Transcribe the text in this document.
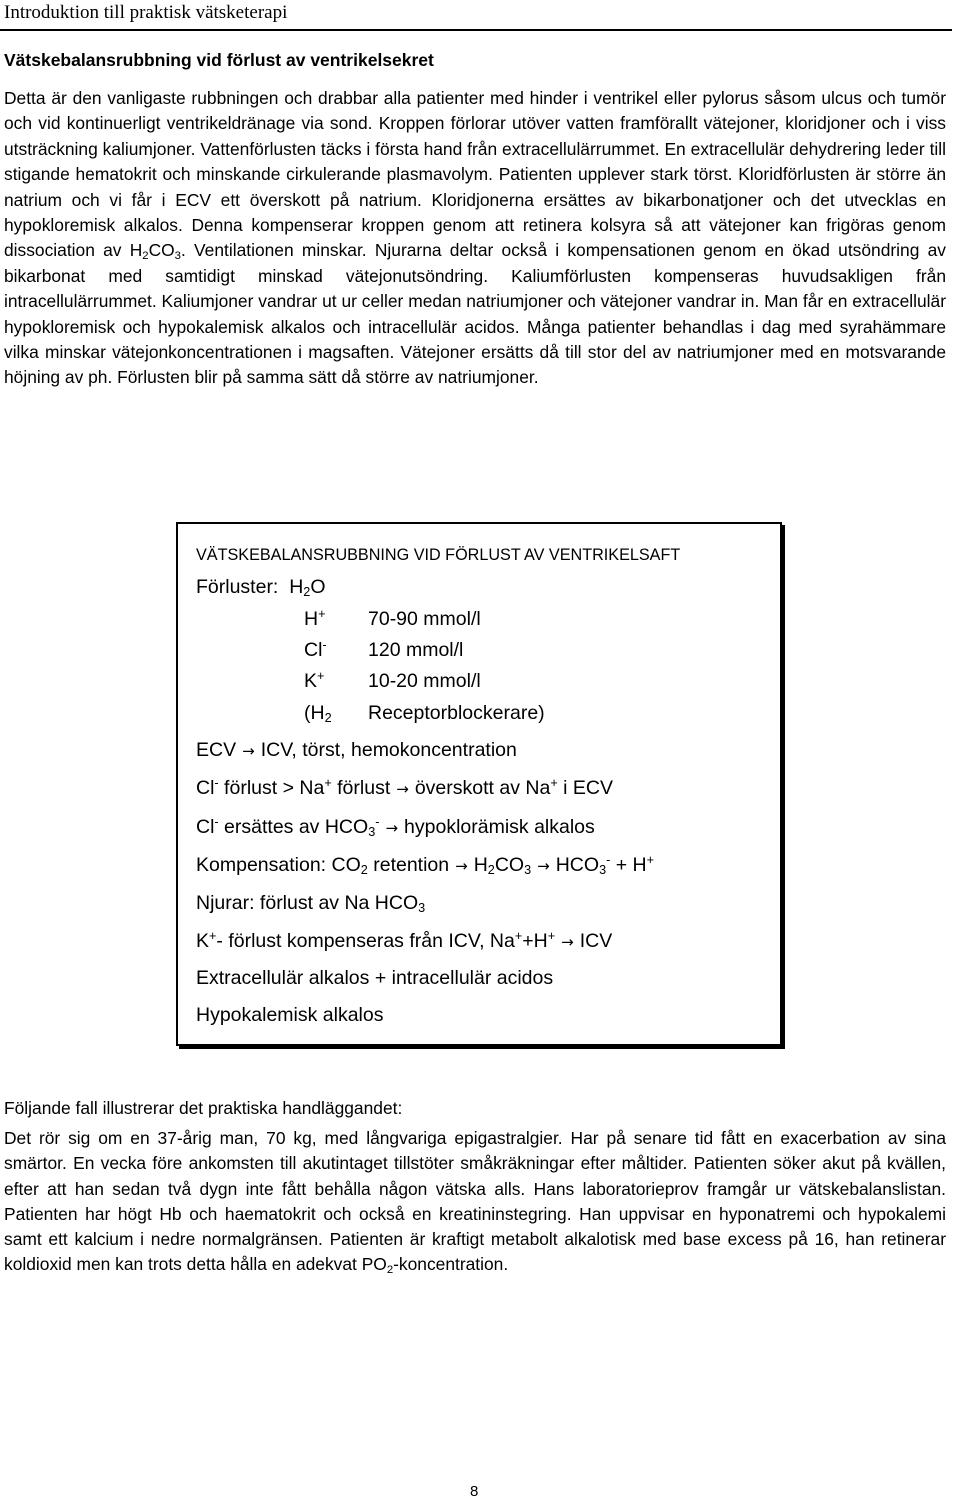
Introduktion till praktisk vätsketerapi
Vätskebalansrubbning vid förlust av ventrikelsekret

Detta är den vanligaste rubbningen och drabbar alla patienter med hinder i ventrikel eller pylorus såsom ulcus och tumör och vid kontinuerligt ventrikeldränage via sond. Kroppen förlorar utöver vatten framförallt vätejoner, kloridjoner och i viss utsträckning kaliumjoner. Vattenförlusten täcks i första hand från extracellulärrummet. En extracellulär dehydrering leder till stigande hematokrit och minskande cirkulerande plasmavolym. Patienten upplever stark törst. Kloridförlusten är större än natrium och vi får i ECV ett överskott på natrium. Kloridjonerna ersättes av bikarbonatjoner och det utvecklas en hypokloremisk alkalos. Denna kompenserar kroppen genom att retinera kolsyra så att vätejoner kan frigöras genom dissociation av $H_2CO_3$. Ventilationen minskar. Njurarna deltar också i kompensationen genom en ökad utsöndring av bikarbonat med samtidigt minskad vätejonutsöndring. Kaliumförlusten kompenseras huvudsakligen från intracellulärrummet. Kaliumjoner vandrar ut ur celler medan natriumjoner och vätejoner vandrar in. Man får en extracellulär hypokloremisk och hypokalemisk alkalos och intracellulär acidos. Många patienter behandlas i dag med syrahämmare vilka minskar vätejonkoncentrationen i magsaften. Vätejoner ersätts då till stor del av natriumjoner med en motsvarande höjning av ph. Förlusten blir på samma sätt då större av natriumjoner.

VÄTSKEBALANSRUBBNING VID FÖRLUST AV VENTRIKELSAFT
Förluster: $H_2O$
H+ 70-90 mmol/l
Cl- 120 mmol/l
K+ 10-20 mmol/l
($H_2$ Receptorblockerare)
ECV → ICV, törst, hemokoncentration
Cl- förlust > Na+ förlust → överskott av Na+ i ECV
Cl- ersättes av $HCO_3^-$ → hypoklorämisk alkalos
Kompensation: $CO_2$ retention → $H_2CO_3 \to HCO_3^- + H^+$
Njurar: förlust av Na $HCO_3$
K+- förlust kompenseras från ICV, Na++H+ → ICV
Extracellulär alkalos + intracellulär acidos
Hypokalemisk alkalos
Följande fall illustrerar det praktiska handläggandet:

Det rör sig om en 37-årig man, 70 kg, med långvariga epigastralgier. Har på senare tid fått en exacerbation av sina smärtor. En vecka före ankomsten till akutintaget tillstöter småkräkningar efter måltider. Patienten söker akut på kvällen, efter att han sedan två dygn inte fått behålla någon vätska alls. Hans laboratorieprov framgår ur vätskebalanslistan. Patienten har högt Hb och haematokrit och också en kreatininstegring. Han uppvisar en hyponatremi och hypokalemi samt ett kalcium i nedre normalgränsen. Patienten är kraftigt metabolt alkalotisk med base excess på 16, han retinerar koldioxid men kan trots detta hålla en adekvat $PO_2$-koncentration.

8
